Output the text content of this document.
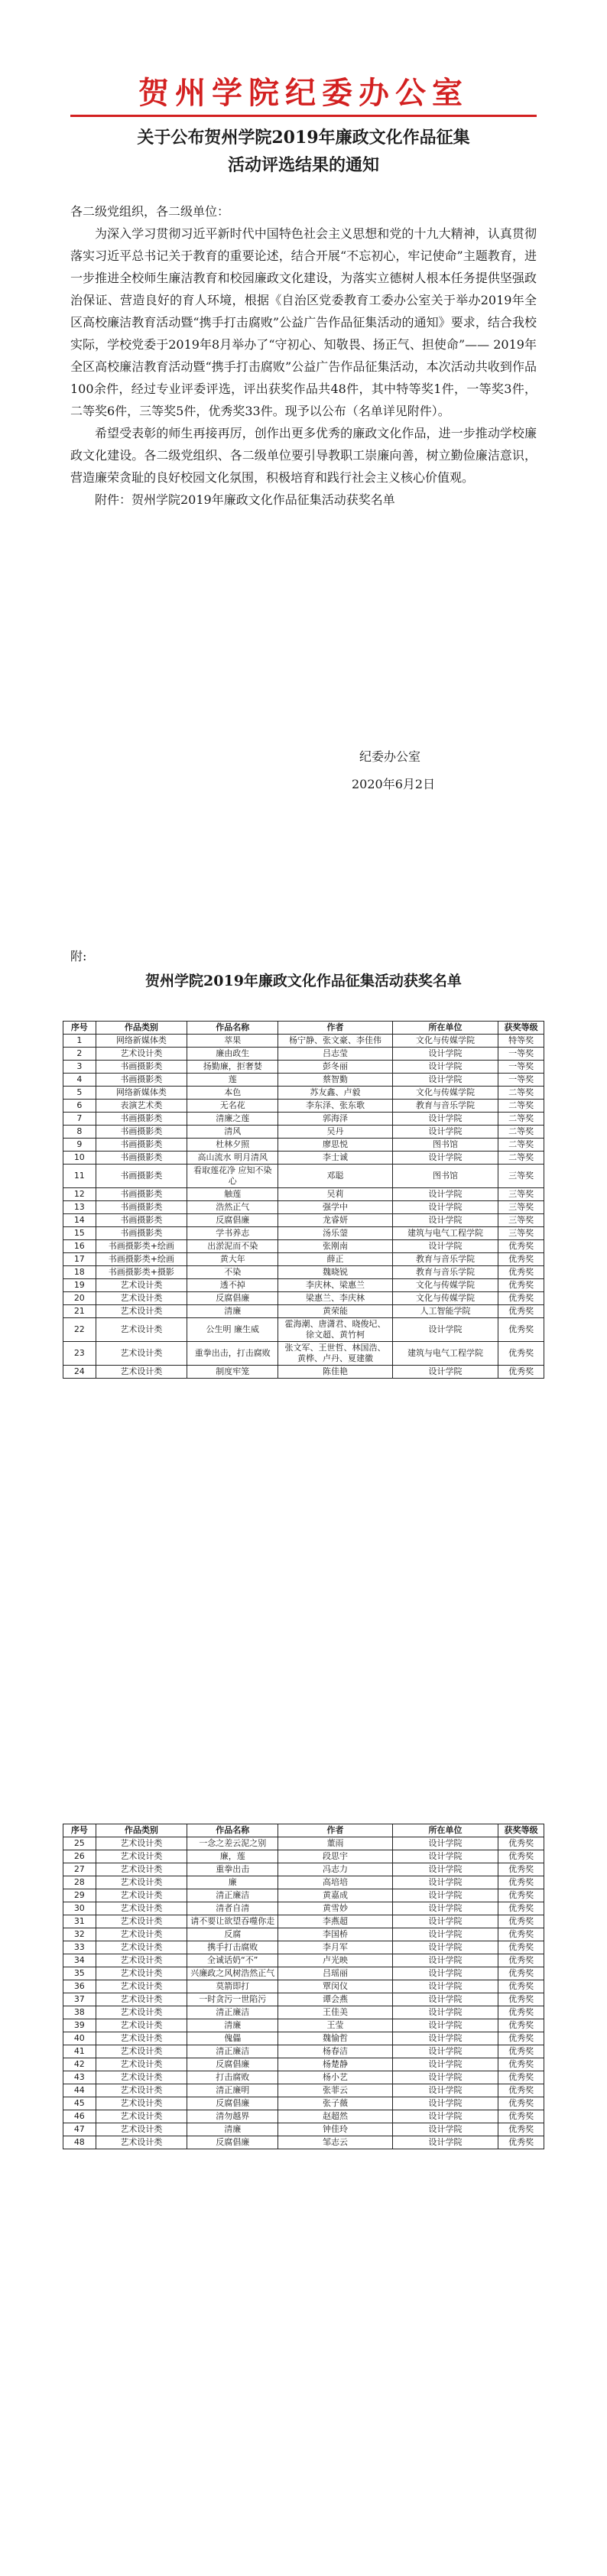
贺州学院纪委办公室
关于公布贺州学院2019年廉政文化作品征集
活动评选结果的通知

各二级党组织，各二级单位：

为深入学习贯彻习近平新时代中国特色社会主义思想和党的十九大精神，认真贯彻落实习近平总书记关于教育的重要论述，结合开展“不忘初心，牢记使命”主题教育，进一步推进全校师生廉洁教育和校园廉政文化建设，为落实立德树人根本任务提供坚强政治保证、营造良好的育人环境，根据《自治区党委教育工委办公室关于举办2019年全区高校廉洁教育活动暨“携手打击腐败”公益广告作品征集活动的通知》要求，结合我校实际，学校党委于2019年8月举办了“守初心、知敬畏、扬正气、担使命”—— 2019年全区高校廉洁教育活动暨“携手打击腐败”公益广告作品征集活动，本次活动共收到作品100余件，经过专业评委评选，评出获奖作品共48件，其中特等奖1件，一等奖3件，二等奖6件，三等奖5件，优秀奖33件。现予以公布（名单详见附件）。

希望受表彰的师生再接再厉，创作出更多优秀的廉政文化作品，进一步推动学校廉政文化建设。各二级党组织、各二级单位要引导教职工崇廉向善，树立勤俭廉洁意识，营造廉荣贪耻的良好校园文化氛围，积极培育和践行社会主义核心价值观。

附件：贺州学院2019年廉政文化作品征集活动获奖名单

纪委办公室
2020年6月2日
附:
贺州学院2019年廉政文化作品征集活动获奖名单
序号	作品类别	作品名称	作者	所在单位	获奖等级
1	网络新媒体类	萃果	杨宁静、张文豪、李佳伟	文化与传媒学院	特等奖
2	艺术设计类	廉由政生	吕志莹	设计学院	一等奖
3	书画摄影类	扬勤廉，拒奢婪	彭冬丽	设计学院	一等奖
4	书画摄影类	莲	蔡智勤	设计学院	一等奖
5	网络新媒体类	本色	苏友鑫、卢毅	文化与传媒学院	二等奖
6	表演艺术类	无名花	李东泽、张东歌	教育与音乐学院	二等奖
7	书画摄影类	清廉之莲	郭海泽	设计学院	二等奖
8	书画摄影类	清风	吴丹	设计学院	二等奖
9	书画摄影类	杜林夕照	廖思悦	图书馆	二等奖
10	书画摄影类	高山流水 明月清风	李士诚	设计学院	二等奖
11	书画摄影类	看取莲花净 应知不染心	邓聪	图书馆	三等奖
12	书画摄影类	触莲	吴莉	设计学院	三等奖
13	书画摄影类	浩然正气	强学中	设计学院	三等奖
14	书画摄影类	反腐倡廉	龙睿妍	设计学院	三等奖
15	书画摄影类	学书养志	汤乐蓥	建筑与电气工程学院	三等奖
16	书画摄影类+绘画	出淤泥而不染	张刚南	设计学院	优秀奖
17	书画摄影类+绘画	黄大年	薛正	教育与音乐学院	优秀奖
18	书画摄影类+摄影	不染	魏晓锐	教育与音乐学院	优秀奖
19	艺术设计类	透不掉	李庆林、梁惠兰	文化与传媒学院	优秀奖
20	艺术设计类	反腐倡廉	梁惠兰、李庆林	文化与传媒学院	优秀奖
21	艺术设计类	清廉	黄荣能	人工智能学院	优秀奖
22	艺术设计类	公生明 廉生威	霍海潮、唐潇君、晓俊圮、徐文超、黄竹柯	设计学院	优秀奖
23	艺术设计类	重拳出击，打击腐败	张文军、王世哲、林国浩、黄桦、卢丹、夏建徽	建筑与电气工程学院	优秀奖
24	艺术设计类	制度牢笼	陈佳艳	设计学院	优秀奖
序号	作品类别	作品名称	作者	所在单位	获奖等级
25	艺术设计类	一念之差云泥之别	董雨	设计学院	优秀奖
26	艺术设计类	廉，莲	段思宇	设计学院	优秀奖
27	艺术设计类	重拳出击	冯志力	设计学院	优秀奖
28	艺术设计类	廉	高培培	设计学院	优秀奖
29	艺术设计类	清正廉洁	黄嘉成	设计学院	优秀奖
30	艺术设计类	清者自清	黄雪妙	设计学院	优秀奖
31	艺术设计类	请不要让欲望吞噬你走	李燕超	设计学院	优秀奖
32	艺术设计类	反腐	李国桥	设计学院	优秀奖
33	艺术设计类	携手打击腐败	李月军	设计学院	优秀奖
34	艺术设计类	全诚话奶“不”	卢光映	设计学院	优秀奖
35	艺术设计类	兴廉政之风树浩然正气	吕瑶丽	设计学院	优秀奖
36	艺术设计类	莫箭即打	覃闵仪	设计学院	优秀奖
37	艺术设计类	一时贪污一世陷污	谭会燕	设计学院	优秀奖
38	艺术设计类	清正廉洁	王佳美	设计学院	优秀奖
39	艺术设计类	清廉	王莹	设计学院	优秀奖
40	艺术设计类	傀儡	魏愉哲	设计学院	优秀奖
41	艺术设计类	清正廉洁	杨春洁	设计学院	优秀奖
42	艺术设计类	反腐倡廉	杨楚静	设计学院	优秀奖
43	艺术设计类	打击腐败	杨小艺	设计学院	优秀奖
44	艺术设计类	清正廉明	张菲云	设计学院	优秀奖
45	艺术设计类	反腐倡廉	张子薇	设计学院	优秀奖
46	艺术设计类	清勿越界	赵超然	设计学院	优秀奖
47	艺术设计类	清廉	钟佳玲	设计学院	优秀奖
48	艺术设计类	反腐倡廉	邹志云	设计学院	优秀奖
